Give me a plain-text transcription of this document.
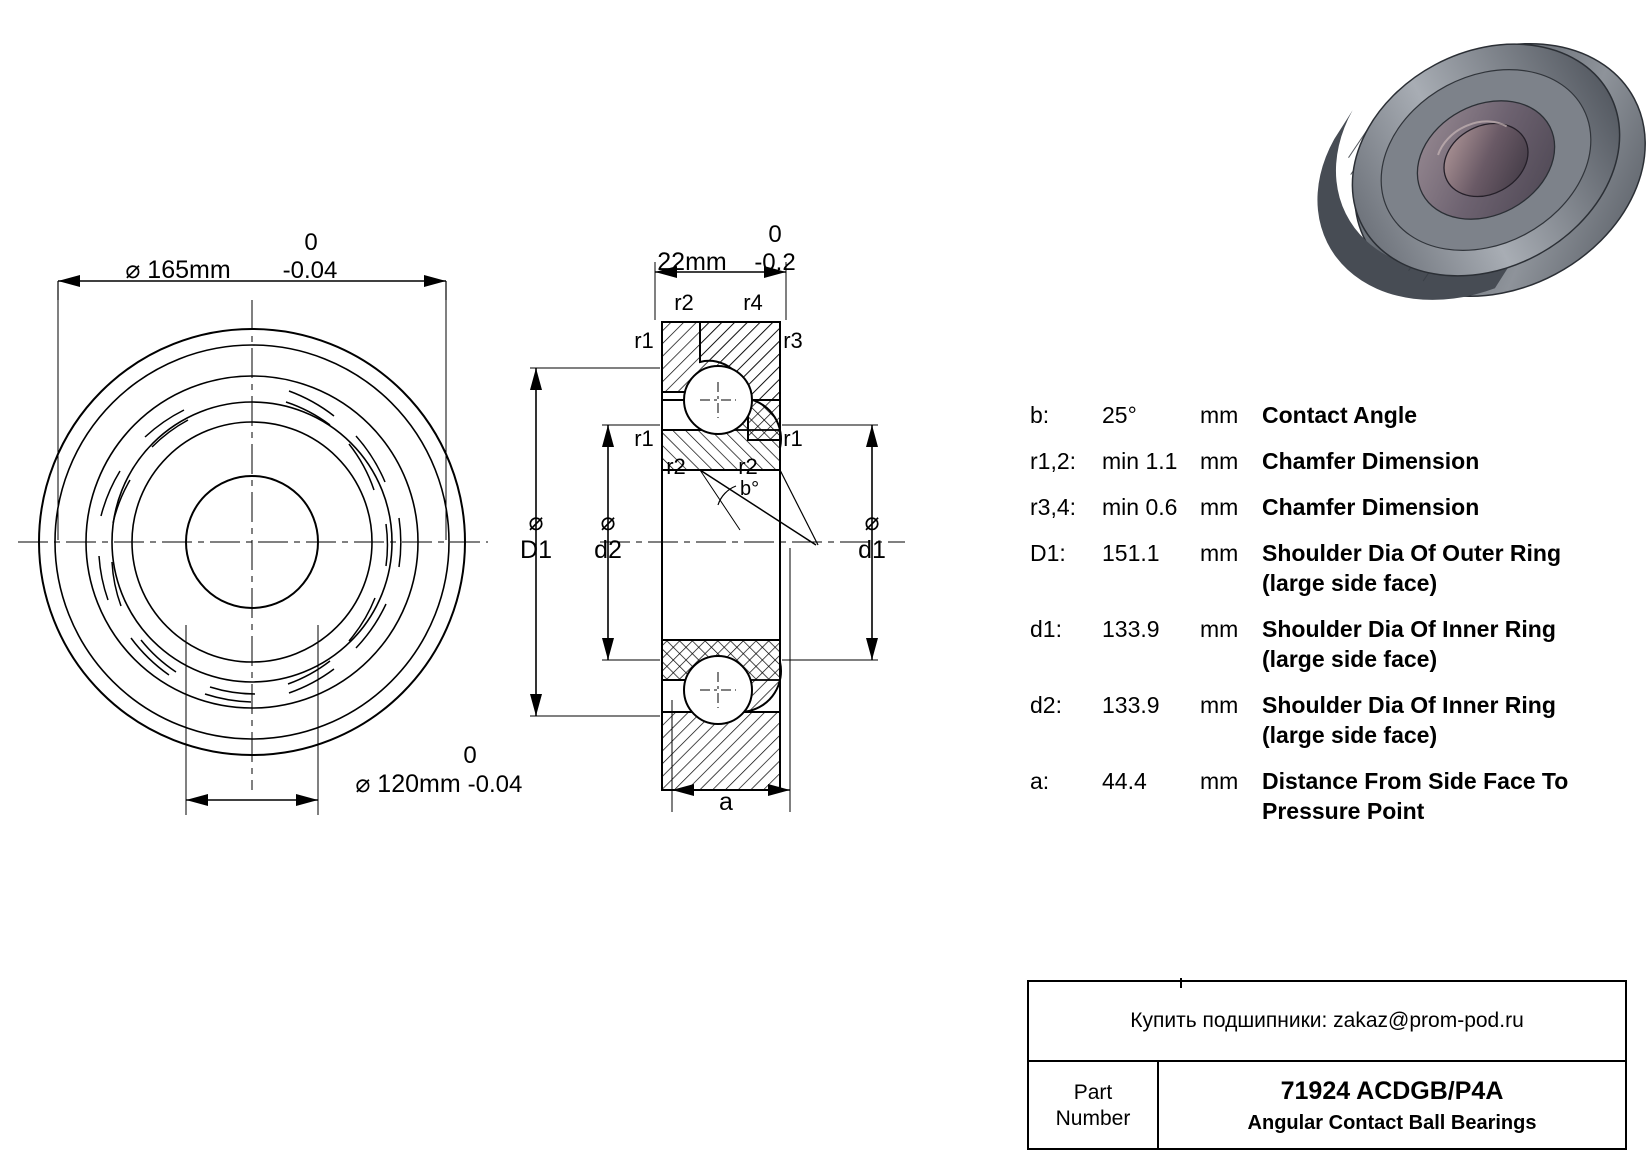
0
⌀ 165mm -0.04
0
⌀ 120mm -0.04
0
22mm -0.2
b°
r2 r4
r1	r3
r1	r1
r2 r2
⌀
D1
⌀
d2
⌀
d1
a
b:	25°	mm	Contact Angle
r1,2:	min 1.1 mm	Chamfer Dimension
r3,4:	min 0.6 mm	Chamfer Dimension
D1:	151.1	mm	Shoulder Dia Of Outer Ring
(large side face)
d1:	133.9	mm	Shoulder Dia Of Inner Ring
(large side face)
d2:	133.9	mm	Shoulder Dia Of Inner Ring
(large side face)
a:	44.4	mm	Distance From Side Face To
Pressure Point
Купить подшипники: zakaz@prom-pod.ru
Part
Number
71924 ACDGB/P4A
Angular Contact Ball Bearings
